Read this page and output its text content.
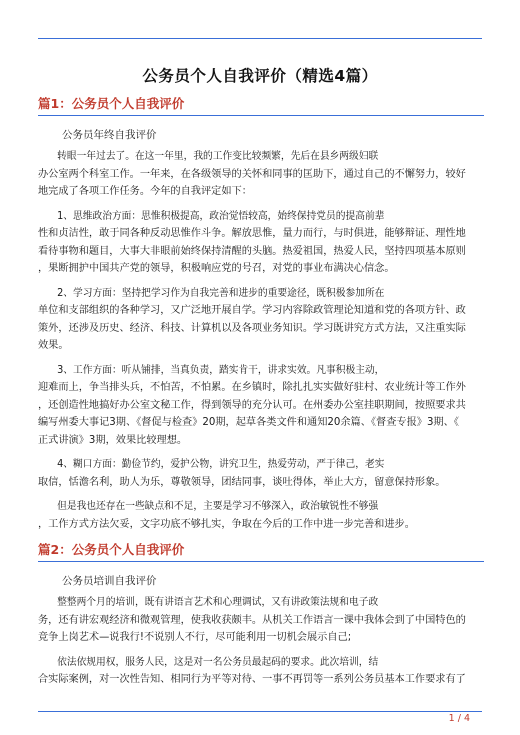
公务员个人自我评价（精选4篇）
篇1：公务员个人自我评价
公务员年终自我评价
转眼一年过去了。在这一年里，我的工作变比较频繁，先后在县乡两级妇联
办公室两个科室工作。一年来，在各级领导的关怀和同事的匡助下，通过自己的不懈努力，较好
地完成了各项工作任务。今年的自我评定如下：
1、思维政治方面：思惟积极提高，政治觉悟较高，始终保持党员的提高前辈
性和贞洁性，敢于同各种反动思惟作斗争。解放思惟，量力而行，与时俱进，能够辩证、理性地
看待事物和题目，大事大非眼前始终保持清醒的头脑。热爱祖国，热爱人民，坚持四项基本原则
，果断拥护中国共产党的领导，积极响应党的号召，对党的事业布满决心信念。
2、学习方面：坚持把学习作为自我完善和进步的重要途径，既积极参加所在
单位和支部组织的各种学习，又广泛地开展自学。学习内容除政管理论知道和党的各项方针、政
策外，还涉及历史、经济、科技、计算机以及各项业务知识。学习既讲究方式方法，又注重实际
效果。
3、工作方面：听从铺排，当真负责，踏实肯干，讲求实效。凡事积极主动，
迎难而上，争当排头兵，不怕苦，不怕累。在乡镇时，除扎扎实实做好驻村、农业统计等工作外
，还创造性地搞好办公室文秘工作，得到领导的充分认可。在州委办公室挂职期间，按照要求共
编写州委大事记3期、《督促与检查》20期，起草各类文件和通知20余篇、《督查专报》3期、《
正式讲演》3期，效果比较理想。
4、糊口方面：勤俭节约，爱护公物，讲究卫生，热爱劳动，严于律己，老实
取信，恬澹名利，助人为乐，尊敬领导，团结同事，谈吐得体，举止大方，留意保持形象。
但是我也还存在一些缺点和不足，主要是学习不够深入，政治敏锐性不够强
，工作方式方法欠妥，文字功底不够扎实，争取在今后的工作中进一步完善和进步。
篇2：公务员个人自我评价
公务员培训自我评价
整整两个月的培训，既有讲语言艺术和心理调试，又有讲政策法规和电子政
务，还有讲宏观经济和微观管理，使我收获颇丰。从机关工作语言一课中我体会到了中国特色的
竞争上岗艺术—说我行!不说别人不行，尽可能利用一切机会展示自己;
依法依规用权，服务人民，这是对一名公务员最起码的要求。此次培训，结
合实际案例，对一次性告知、相同行为平等对待、一事不再罚等一系列公务员基本工作要求有了
1 / 4
